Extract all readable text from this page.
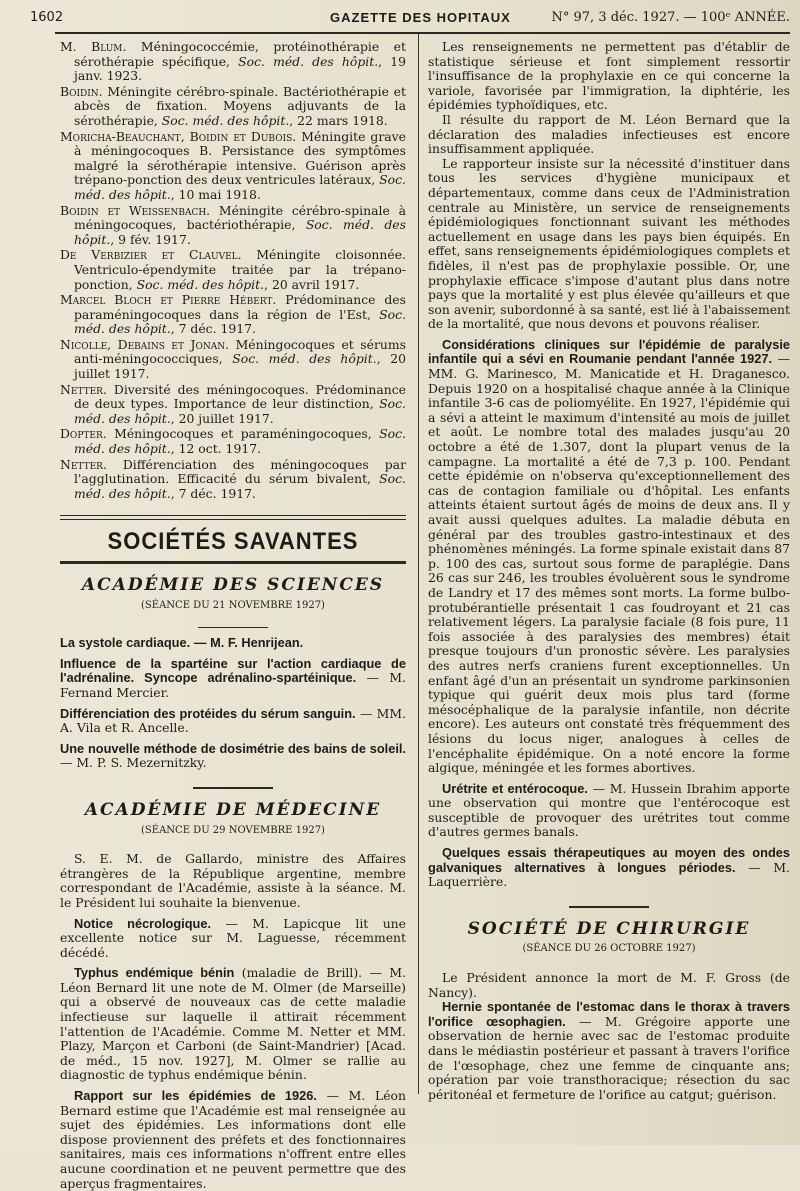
1602	GAZETTE DES HOPITAUX	N° 97, 3 déc. 1927. — 100ᵉ ANNÉE.

M. Blum. Méningococcémie, protéinothérapie et sérothérapie spécifique, Soc. méd. des hôpit., 19 janv. 1923.

Boidin. Méningite cérébro-spinale. Bactériothérapie et abcès de fixation. Moyens adjuvants de la sérothérapie, Soc. méd. des hôpit., 22 mars 1918.

Moricha-Beauchant, Boidin et Dubois. Méningite grave à méningocoques B. Persistance des symptômes malgré la sérothérapie intensive. Guérison après trépano-ponction des deux ventricules latéraux, Soc. méd. des hôpit., 10 mai 1918.

Boidin et Weissenbach. Méningite cérébro-spinale à méningocoques, bactériothérapie, Soc. méd. des hôpit., 9 fév. 1917.

De Verbizier et Clauvel. Méningite cloisonnée. Ventriculo-épendymite traitée par la trépano-ponction, Soc. méd. des hôpit., 20 avril 1917.

Marcel Bloch et Pierre Hébert. Prédominance des paraméningocoques dans la région de l'Est, Soc. méd. des hôpit., 7 déc. 1917.

Nicolle, Debains et Jonan. Méningocoques et sérums anti-méningococciques, Soc. méd. des hôpit., 20 juillet 1917.

Netter. Diversité des méningocoques. Prédominance de deux types. Importance de leur distinction, Soc. méd. des hôpit., 20 juillet 1917.

Dopter. Méningocoques et paraméningocoques, Soc. méd. des hôpit., 12 oct. 1917.

Netter. Différenciation des méningocoques par l'agglutination. Efficacité du sérum bivalent, Soc. méd. des hôpit., 7 déc. 1917.

SOCIÉTÉS SAVANTES
ACADÉMIE DES SCIENCES
(SÉANCE DU 21 NOVEMBRE 1927)

La systole cardiaque. — M. F. Henrijean.

Influence de la spartéine sur l'action cardiaque de l'adrénaline. Syncope adrénalino-spartéinique. — M. Fernand Mercier.

Différenciation des protéides du sérum sanguin. — MM. A. Vila et R. Ancelle.

Une nouvelle méthode de dosimétrie des bains de soleil. — M. P. S. Mezernitzky.

ACADÉMIE DE MÉDECINE
(SÉANCE DU 29 NOVEMBRE 1927)

S. E. M. de Gallardo, ministre des Affaires étrangères de la République argentine, membre correspondant de l'Académie, assiste à la séance. M. le Président lui souhaite la bienvenue.

Notice nécrologique. — M. Lapicque lit une excellente notice sur M. Laguesse, récemment décédé.

Typhus endémique bénin (maladie de Brill). — M. Léon Bernard lit une note de M. Olmer (de Marseille) qui a observé de nouveaux cas de cette maladie infectieuse sur laquelle il attirait récemment l'attention de l'Académie. Comme M. Netter et MM. Plazy, Marçon et Carboni (de Saint-Mandrier) [Acad. de méd., 15 nov. 1927], M. Olmer se rallie au diagnostic de typhus endémique bénin.

Rapport sur les épidémies de 1926. — M. Léon Bernard estime que l'Académie est mal renseignée au sujet des épidémies. Les informations dont elle dispose proviennent des préfets et des fonctionnaires sanitaires, mais ces informations n'offrent entre elles aucune coordination et ne peuvent permettre que des aperçus fragmentaires.

Les renseignements ne permettent pas d'établir de statistique sérieuse et font simplement ressortir l'insuffisance de la prophylaxie en ce qui concerne la variole, favorisée par l'immigration, la diphtérie, les épidémies typhoïdiques, etc.

Il résulte du rapport de M. Léon Bernard que la déclaration des maladies infectieuses est encore insuffisamment appliquée.

Le rapporteur insiste sur la nécessité d'instituer dans tous les services d'hygiène municipaux et départementaux, comme dans ceux de l'Administration centrale au Ministère, un service de renseignements épidémiologiques fonctionnant suivant les méthodes actuellement en usage dans les pays bien équipés. En effet, sans renseignements épidémiologiques complets et fidèles, il n'est pas de prophylaxie possible. Or, une prophylaxie efficace s'impose d'autant plus dans notre pays que la mortalité y est plus élevée qu'ailleurs et que son avenir, subordonné à sa santé, est lié à l'abaissement de la mortalité, que nous devons et pouvons réaliser.

Considérations cliniques sur l'épidémie de paralysie infantile qui a sévi en Roumanie pendant l'année 1927. — MM. G. Marinesco, M. Manicatide et H. Draganesco. Depuis 1920 on a hospitalisé chaque année à la Clinique infantile 3-6 cas de poliomyélite. En 1927, l'épidémie qui a sévi a atteint le maximum d'intensité au mois de juillet et août. Le nombre total des malades jusqu'au 20 octobre a été de 1.307, dont la plupart venus de la campagne. La mortalité a été de 7,3 p. 100. Pendant cette épidémie on n'observa qu'exceptionnellement des cas de contagion familiale ou d'hôpital. Les enfants atteints étaient surtout âgés de moins de deux ans. Il y avait aussi quelques adultes. La maladie débuta en général par des troubles gastro-intestinaux et des phénomènes méningés. La forme spinale existait dans 87 p. 100 des cas, surtout sous forme de paraplégie. Dans 26 cas sur 246, les troubles évoluèrent sous le syndrome de Landry et 17 des mêmes sont morts. La forme bulbo-protubérantielle présentait 1 cas foudroyant et 21 cas relativement légers. La paralysie faciale (8 fois pure, 11 fois associée à des paralysies des membres) était presque toujours d'un pronostic sévère. Les paralysies des autres nerfs craniens furent exceptionnelles. Un enfant âgé d'un an présentait un syndrome parkinsonien typique qui guérit deux mois plus tard (forme mésocéphalique de la paralysie infantile, non décrite encore). Les auteurs ont constaté très fréquemment des lésions du locus niger, analogues à celles de l'encéphalite épidémique. On a noté encore la forme algique, méningée et les formes abortives.

Urétrite et entérocoque. — M. Hussein Ibrahim apporte une observation qui montre que l'entérocoque est susceptible de provoquer des urétrites tout comme d'autres germes banals.

Quelques essais thérapeutiques au moyen des ondes galvaniques alternatives à longues périodes. — M. Laquerrière.

SOCIÉTÉ DE CHIRURGIE
(SÉANCE DU 26 OCTOBRE 1927)

Le Président annonce la mort de M. F. Gross (de Nancy).

Hernie spontanée de l'estomac dans le thorax à travers l'orifice œsophagien. — M. Grégoire apporte une observation de hernie avec sac de l'estomac produite dans le médiastin postérieur et passant à travers l'orifice de l'œsophage, chez une femme de cinquante ans; opération par voie transthoracique; résection du sac péritonéal et fermeture de l'orifice au catgut; guérison.
